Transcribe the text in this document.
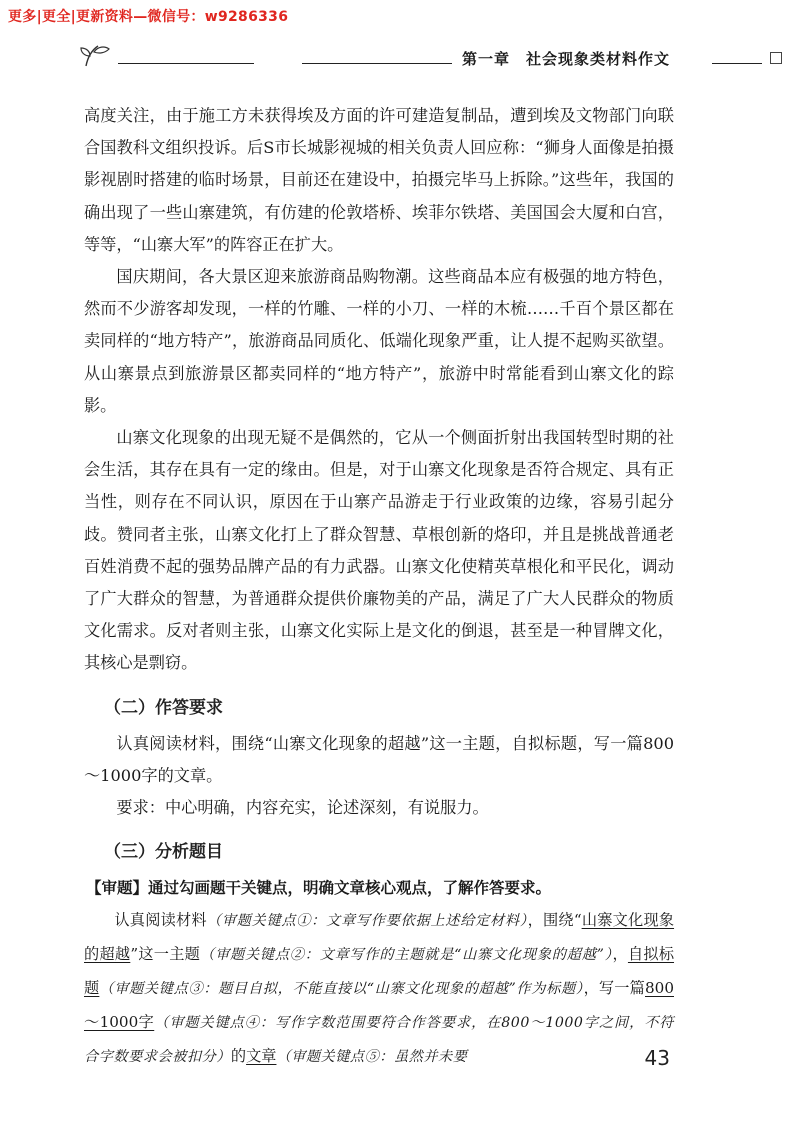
更多|更全|更新资料—微信号：w9286336
第一章　社会现象类材料作文

高度关注，由于施工方未获得埃及方面的许可建造复制品，遭到埃及文物部门向联合国教科文组织投诉。后S市长城影视城的相关负责人回应称：“狮身人面像是拍摄影视剧时搭建的临时场景，目前还在建设中，拍摄完毕马上拆除。”这些年，我国的确出现了一些山寨建筑，有仿建的伦敦塔桥、埃菲尔铁塔、美国国会大厦和白宫，等等，“山寨大军”的阵容正在扩大。

国庆期间，各大景区迎来旅游商品购物潮。这些商品本应有极强的地方特色，然而不少游客却发现，一样的竹雕、一样的小刀、一样的木梳……千百个景区都在卖同样的“地方特产”，旅游商品同质化、低端化现象严重，让人提不起购买欲望。从山寨景点到旅游景区都卖同样的“地方特产”，旅游中时常能看到山寨文化的踪影。

山寨文化现象的出现无疑不是偶然的，它从一个侧面折射出我国转型时期的社会生活，其存在具有一定的缘由。但是，对于山寨文化现象是否符合规定、具有正当性，则存在不同认识，原因在于山寨产品游走于行业政策的边缘，容易引起分歧。赞同者主张，山寨文化打上了群众智慧、草根创新的烙印，并且是挑战普通老百姓消费不起的强势品牌产品的有力武器。山寨文化使精英草根化和平民化，调动了广大群众的智慧，为普通群众提供价廉物美的产品，满足了广大人民群众的物质文化需求。反对者则主张，山寨文化实际上是文化的倒退，甚至是一种冒牌文化，其核心是剽窃。

（二）作答要求

认真阅读材料，围绕“山寨文化现象的超越”这一主题，自拟标题，写一篇800～1000字的文章。

要求：中心明确，内容充实，论述深刻，有说服力。

（三）分析题目
【审题】通过勾画题干关键点，明确文章核心观点，了解作答要求。

认真阅读材料（审题关键点①：文章写作要依据上述给定材料），围绕“山寨文化现象的超越”这一主题（审题关键点②：文章写作的主题就是“山寨文化现象的超越”），自拟标题（审题关键点③：题目自拟，不能直接以“山寨文化现象的超越”作为标题），写一篇800～1000字（审题关键点④：写作字数范围要符合作答要求，在800～1000字之间，不符合字数要求会被扣分）的文章（审题关键点⑤：虽然并未要	43
